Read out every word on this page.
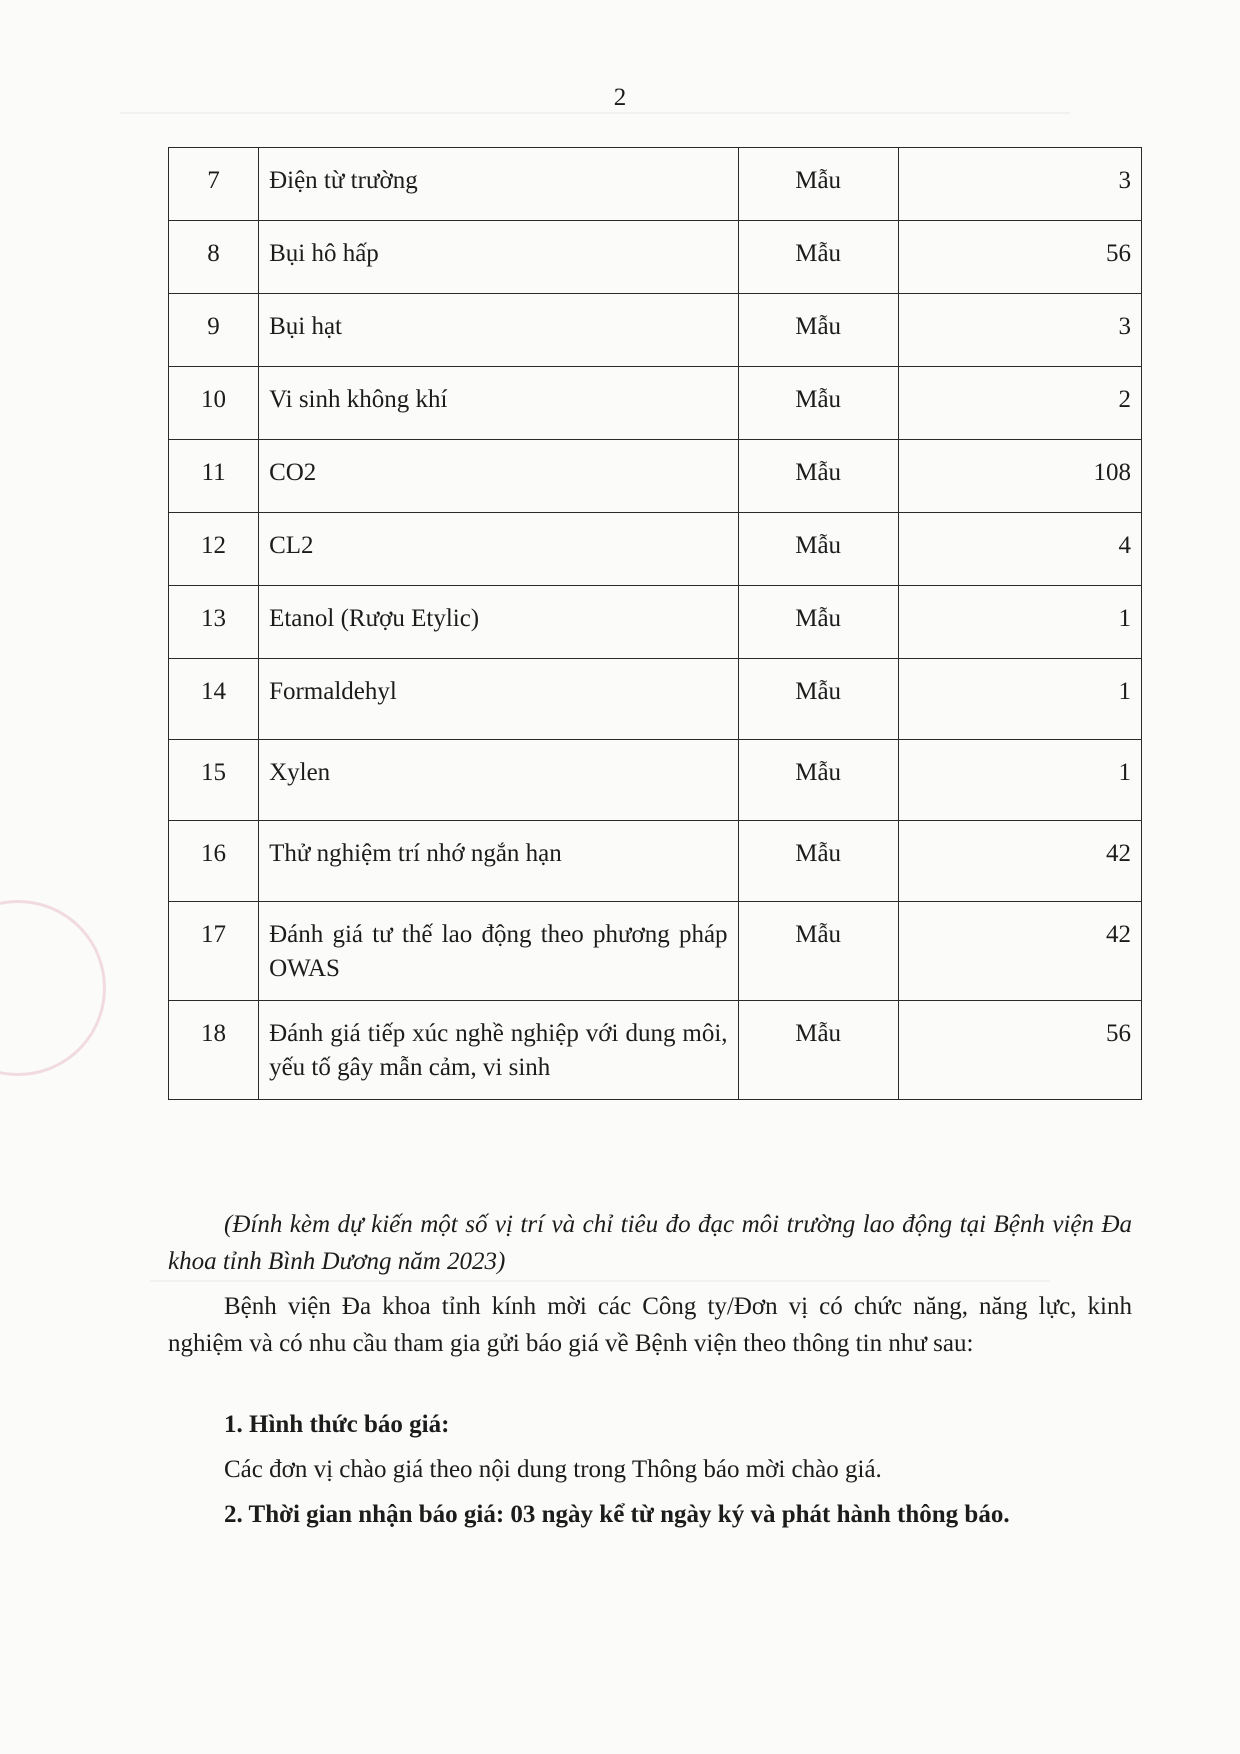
2
7	Điện từ trường	Mẫu	3
8	Bụi hô hấp	Mẫu	56
9	Bụi hạt	Mẫu	3
10	Vi sinh không khí	Mẫu	2
11	CO2	Mẫu	108
12	CL2	Mẫu	4
13	Etanol (Rượu Etylic)	Mẫu	1
14	Formaldehyl	Mẫu	1
15	Xylen	Mẫu	1
16	Thử nghiệm trí nhớ ngắn hạn	Mẫu	42
17	Đánh giá tư thế lao động theo phương pháp OWAS	Mẫu	42
18	Đánh giá tiếp xúc nghề nghiệp với dung môi, yếu tố gây mẫn cảm, vi sinh	Mẫu	56
(Đính kèm dự kiến một số vị trí và chỉ tiêu đo đạc môi trường lao động tại Bệnh viện Đa khoa tỉnh Bình Dương năm 2023)
Bệnh viện Đa khoa tỉnh kính mời các Công ty/Đơn vị có chức năng, năng lực, kinh nghiệm và có nhu cầu tham gia gửi báo giá về Bệnh viện theo thông tin như sau:
1. Hình thức báo giá:
Các đơn vị chào giá theo nội dung trong Thông báo mời chào giá.
2. Thời gian nhận báo giá: 03 ngày kể từ ngày ký và phát hành thông báo.
